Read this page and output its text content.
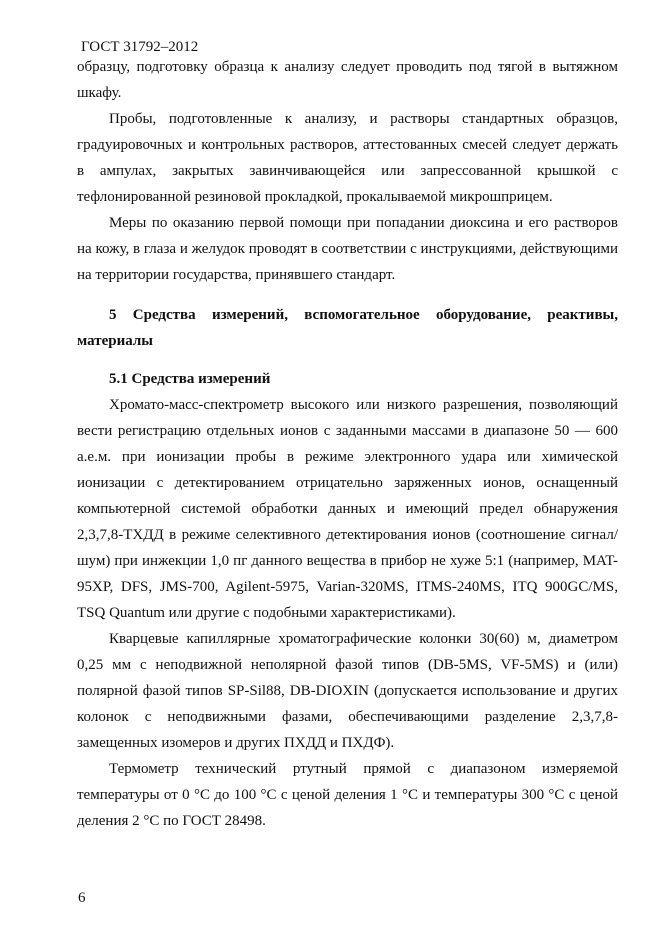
ГОСТ 31792–2012

образцу, подготовку образца к анализу следует проводить под тягой в вытяжном шкафу.

Пробы, подготовленные к анализу, и растворы стандартных образцов, градуировочных и контрольных растворов, аттестованных смесей следует держать в ампулах, закрытых завинчивающейся или запрессованной крышкой с тефлонированной резиновой прокладкой, прокалываемой микрошприцем.

Меры по оказанию первой помощи при попадании диоксина и его растворов на кожу, в глаза и желудок проводят в соответствии с инструкциями, действующими на территории государства, принявшего стандарт.

5 Средства измерений, вспомогательное оборудование, реактивы, материалы

5.1 Средства измерений

Хромато-масс-спектрометр высокого или низкого разрешения, позволяющий вести регистрацию отдельных ионов с заданными массами в диапазоне 50 — 600 а.е.м. при ионизации пробы в режиме электронного удара или химической ионизации с детектированием отрицательно заряженных ионов, оснащенный компьютерной системой обработки данных и имеющий предел обнаружения 2,3,7,8-ТХДД в режиме селективного детектирования ионов (соотношение сигнал/шум) при инжекции 1,0 пг данного вещества в прибор не хуже 5:1 (например, MAT-95XP, DFS, JMS-700, Agilent-5975, Varian-320MS, ITMS-240MS, ITQ 900GC/MS, TSQ Quantum или другие с подобными характеристиками).

Кварцевые капиллярные хроматографические колонки 30(60) м, диаметром 0,25 мм с неподвижной неполярной фазой типов (DB-5MS, VF-5MS) и (или) полярной фазой типов SP-Sil88, DB-DIOXIN (допускается использование и других колонок с неподвижными фазами, обеспечивающими разделение 2,3,7,8-замещенных изомеров и других ПХДД и ПХДФ).

Термометр технический ртутный прямой с диапазоном измеряемой температуры от 0 °С до 100 °С с ценой деления 1 °С и температуры 300 °С с ценой деления 2 °С по ГОСТ 28498.

6
